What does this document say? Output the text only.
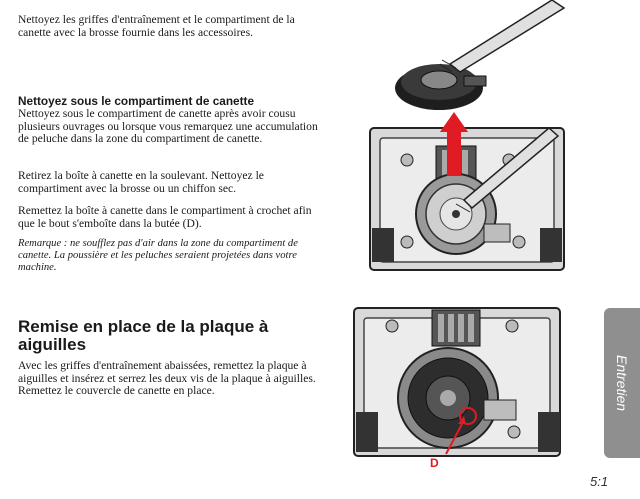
Nettoyez les griffes d'entraînement et le compartiment de la canette avec la brosse fournie dans les accessoires.

Nettoyez sous le compartiment de canette

Nettoyez sous le compartiment de canette après avoir cousu plusieurs ouvrages ou lorsque vous remarquez une accumulation de peluche dans la zone du compartiment de canette.

Retirez la boîte à canette en la soulevant. Nettoyez le compartiment avec la brosse ou un chiffon sec.

Remettez la boîte à canette dans le compartiment à crochet afin que le bout s'emboîte dans la butée (D).

Remarque : ne soufflez pas d'air dans la zone du compartiment de canette. La poussière et les peluches seraient projetées dans votre machine.

Remise en place de la plaque à aiguilles

Avec les griffes d'entraînement abaissées, remettez la plaque à aiguilles et insérez et serrez les deux vis de la plaque à aiguilles. Remettez le couvercle de canette en place.

D
Entretien
5:1
